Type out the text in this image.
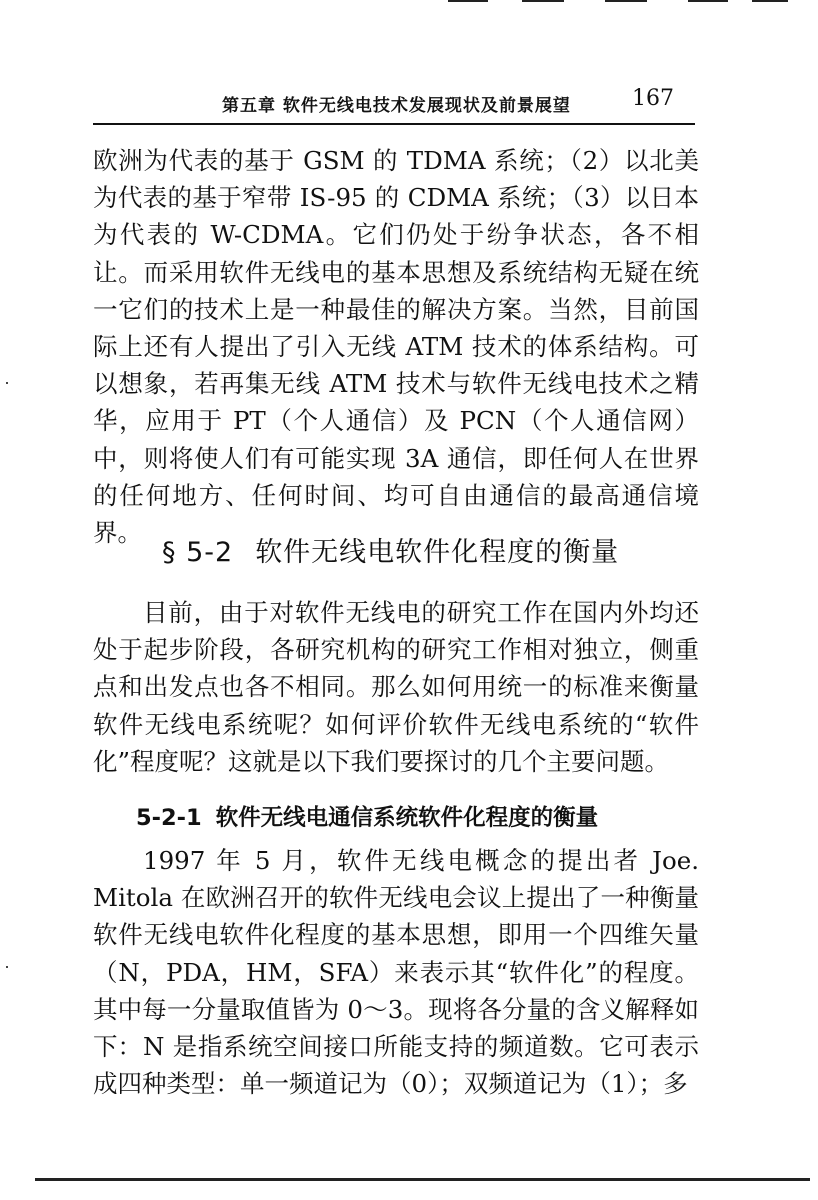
第五章 软件无线电技术发展现状及前景展望	167

欧洲为代表的基于 GSM 的 TDMA 系统；（2）以北美为代表的基于窄带 IS-95 的 CDMA 系统；（3）以日本为代表的 W-CDMA。它们仍处于纷争状态，各不相让。而采用软件无线电的基本思想及系统结构无疑在统一它们的技术上是一种最佳的解决方案。当然，目前国际上还有人提出了引入无线 ATM 技术的体系结构。可以想象，若再集无线 ATM 技术与软件无线电技术之精华，应用于 PT（个人通信）及 PCN（个人通信网）中，则将使人们有可能实现 3A 通信，即任何人在世界的任何地方、任何时间、均可自由通信的最高通信境界。

§ 5-2 软件无线电软件化程度的衡量

目前，由于对软件无线电的研究工作在国内外均还处于起步阶段，各研究机构的研究工作相对独立，侧重点和出发点也各不相同。那么如何用统一的标准来衡量软件无线电系统呢？如何评价软件无线电系统的“软件化”程度呢？这就是以下我们要探讨的几个主要问题。

5-2-1 软件无线电通信系统软件化程度的衡量

1997 年 5 月，软件无线电概念的提出者 Joe. Mitola 在欧洲召开的软件无线电会议上提出了一种衡量软件无线电软件化程度的基本思想，即用一个四维矢量（N，PDA，HM，SFA）来表示其“软件化”的程度。其中每一分量取值皆为 0～3。现将各分量的含义解释如下： N 是指系统空间接口所能支持的频道数。它可表示成四种类型：单一频道记为（0）；双频道记为（1）；多
